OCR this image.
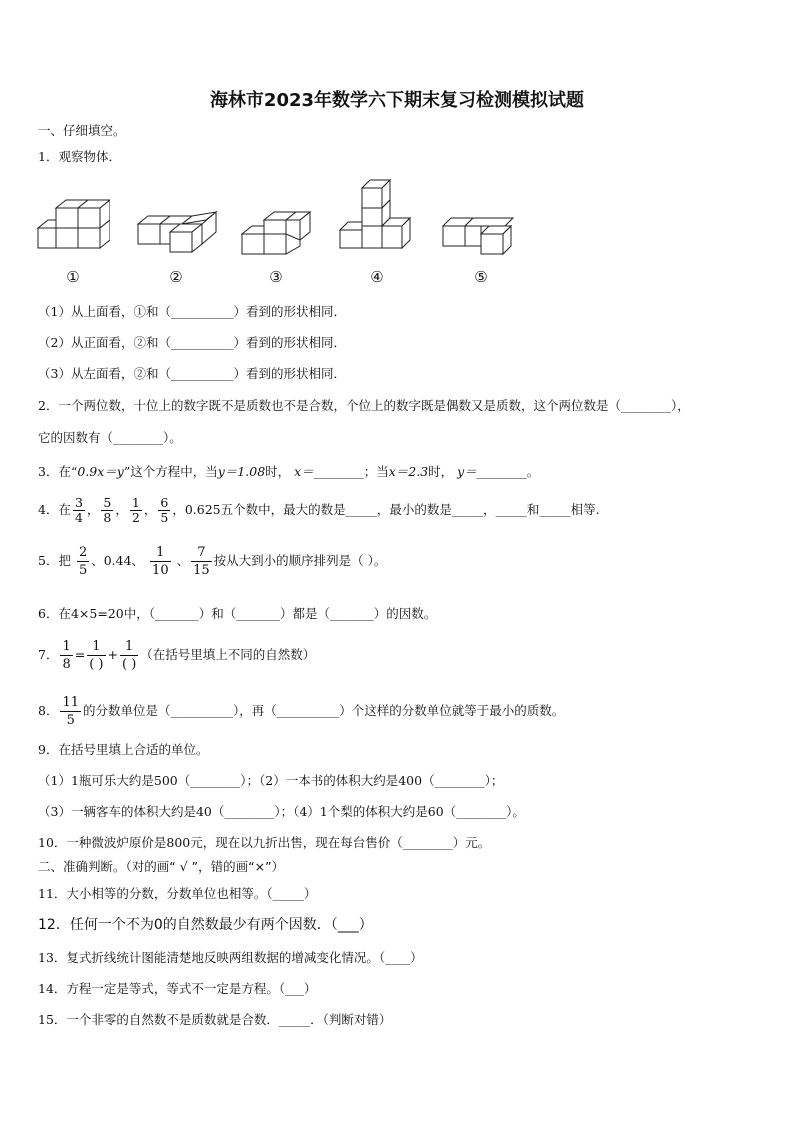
海林市2023年数学六下期末复习检测模拟试题
一、仔细填空。
1．观察物体．
①	②	③	④	⑤
（1）从上面看，①和（__________）看到的形状相同．
（2）从正面看，②和（__________）看到的形状相同．
（3）从左面看，②和（__________）看到的形状相同．
2．一个两位数，十位上的数字既不是质数也不是合数，个位上的数字既是偶数又是质数，这个两位数是（________），
它的因数有（________）。
3．在“0.9x＝y”这个方程中，当y＝1.08时， x＝________；当x＝2.3时， y＝________。
4．在 $\frac{3}{4}$ ， $\frac{5}{8}$ ， $\frac{1}{2}$ ， $\frac{6}{5}$ ，0.625五个数中，最大的数是_____，最小的数是_____，_____和_____相等.
5．把 $\frac{2}{5}$ 、0.44、 $\frac{1}{10}$ 、 $\frac{7}{15}$ 按从大到小的顺序排列是（ ）。
6．在4×5=20中，（_______）和（_______）都是（_______）的因数。
7． $\frac{1}{8} = \frac{1}{( )} + \frac{1}{( )}$ （在括号里填上不同的自然数）
8． $\frac{11}{5}$ 的分数单位是（__________），再（__________）个这样的分数单位就等于最小的质数。
9．在括号里填上合适的单位。
（1）1瓶可乐大约是500（________）；（2）一本书的体积大约是400（________）；
（3）一辆客车的体积大约是40（________）；（4）1个梨的体积大约是60（________）。
10．一种微波炉原价是800元，现在以九折出售，现在每台售价（________）元。
二、准确判断。（对的画“ √ ”，错的画“×”）
11．大小相等的分数，分数单位也相等。（_____）
12．任何一个不为0的自然数最少有两个因数．（___）
13．复式折线统计图能清楚地反映两组数据的增减变化情况。（____）
14．方程一定是等式，等式不一定是方程。（___）
15．一个非零的自然数不是质数就是合数．_____．（判断对错）
